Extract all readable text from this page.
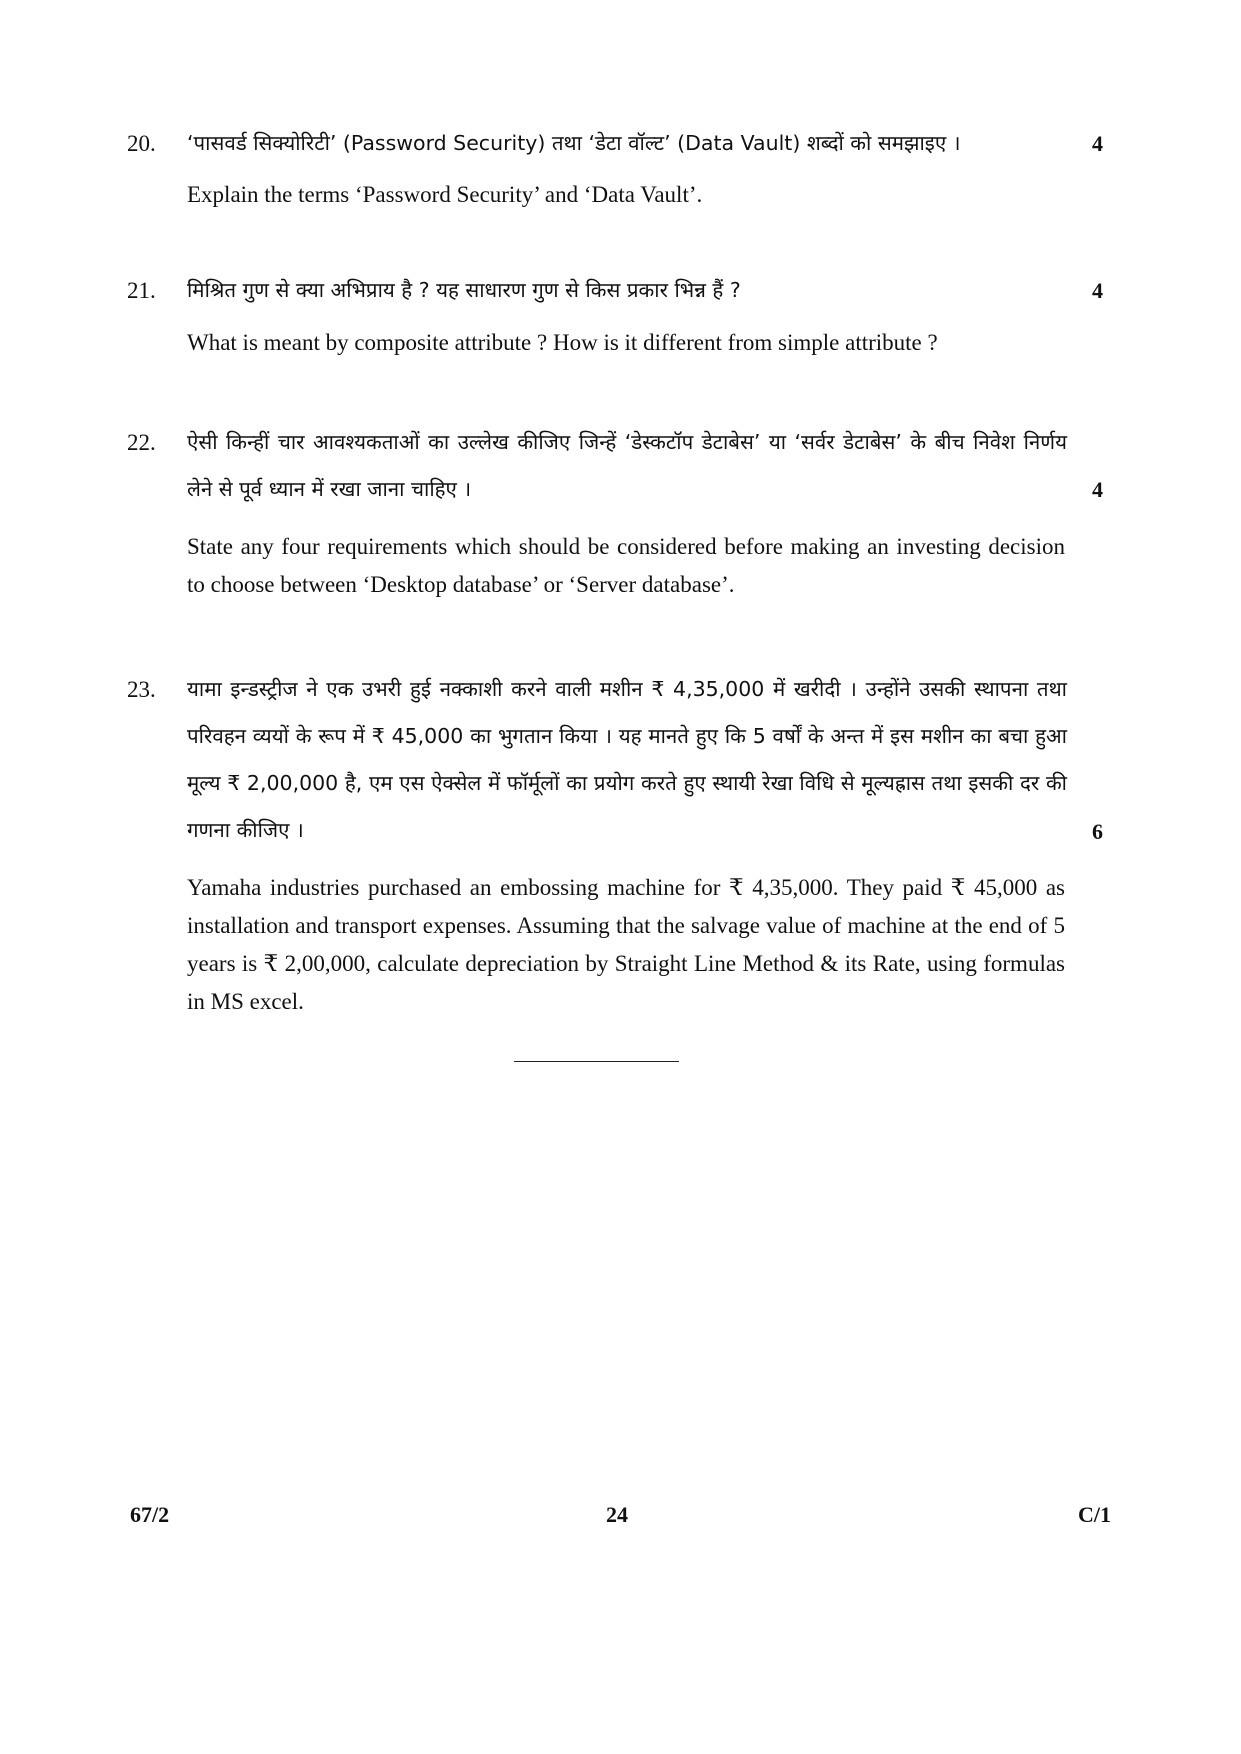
20. ‘पासवर्ड सिक्योरिटी’ (Password Security) तथा ‘डेटा वॉल्ट’ (Data Vault) शब्दों को समझाइए ।	4
Explain the terms ‘Password Security’ and ‘Data Vault’.
21. मिश्रित गुण से क्या अभिप्राय है ? यह साधारण गुण से किस प्रकार भिन्न हैं ?	4
What is meant by composite attribute ? How is it different from simple attribute ?
22. ऐसी किन्हीं चार आवश्यकताओं का उल्लेख कीजिए जिन्हें ‘डेस्कटॉप डेटाबेस’ या ‘सर्वर डेटाबेस’ के बीच निवेश निर्णय लेने से पूर्व ध्यान में रखा जाना चाहिए ।	4
State any four requirements which should be considered before making an investing decision to choose between ‘Desktop database’ or ‘Server database’.
23. यामा इन्डस्ट्रीज ने एक उभरी हुई नक्काशी करने वाली मशीन ₹ 4,35,000 में खरीदी । उन्होंने उसकी स्थापना तथा परिवहन व्ययों के रूप में ₹ 45,000 का भुगतान किया । यह मानते हुए कि 5 वर्षों के अन्त में इस मशीन का बचा हुआ मूल्य ₹ 2,00,000 है, एम एस ऐक्सेल में फॉर्मूलों का प्रयोग करते हुए स्थायी रेखा विधि से मूल्यह्रास तथा इसकी दर की गणना कीजिए ।	6
Yamaha industries purchased an embossing machine for ₹ 4,35,000. They paid ₹ 45,000 as installation and transport expenses. Assuming that the salvage value of machine at the end of 5 years is ₹ 2,00,000, calculate depreciation by Straight Line Method & its Rate, using formulas in MS excel.
67/2	24	C/1
